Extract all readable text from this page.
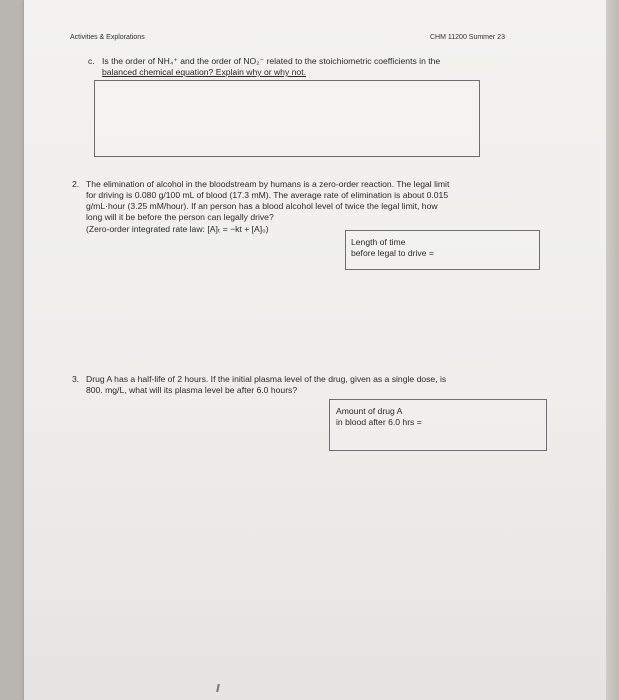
Activities & Explorations	CHM 11200 Summer 23
c. Is the order of NH₄⁺ and the order of NO₂⁻ related to the stoichiometric coefficients in the
balanced chemical equation? Explain why or why not.
2. The elimination of alcohol in the bloodstream by humans is a zero-order reaction. The legal limit
for driving is 0.080 g/100 mL of blood (17.3 mM). The average rate of elimination is about 0.015
g/mL·hour (3.25 mM/hour). If an person has a blood alcohol level of twice the legal limit, how
long will it be before the person can legally drive?
(Zero-order integrated rate law: [A]ₜ = −kt + [A]₀)
Length of time
before legal to drive =
3. Drug A has a half-life of 2 hours. If the initial plasma level of the drug, given as a single dose, is
800. mg/L, what will its plasma level be after 6.0 hours?
Amount of drug A
in blood after 6.0 hrs =
